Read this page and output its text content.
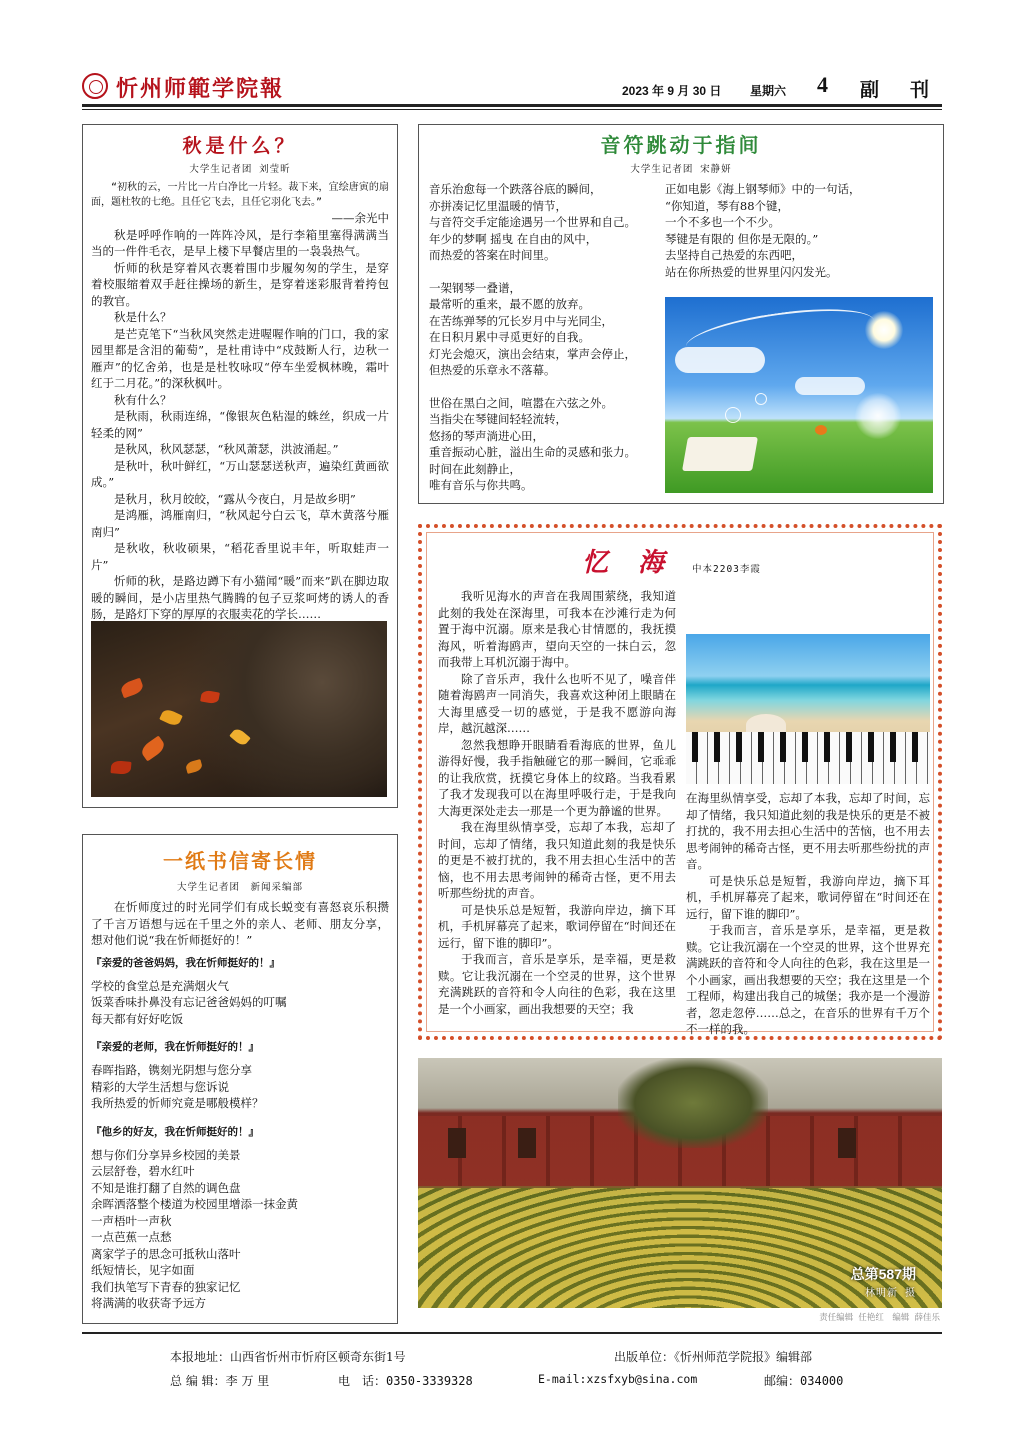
忻州师範学院報	2023 年 9 月 30 日 星期六 4 副　刊
秋是什么？
大学生记者团 刘莹昕

“初秋的云，一片比一片白净比一片轻。裁下来，宜绘唐寅的扇面，题杜牧的七绝。且任它飞去，且任它羽化飞去。”

——余光中

秋是呼呼作响的一阵阵冷风，是行李箱里塞得满满当当的一件件毛衣，是早上楼下早餐店里的一袅袅热气。

忻师的秋是穿着风衣裹着围巾步履匆匆的学生，是穿着校服缩着双手赶往操场的新生，是穿着迷彩服背着挎包的教官。

秋是什么？

是芒克笔下“当秋风突然走进喔喔作响的门口，我的家园里都是含泪的葡萄”，是杜甫诗中“戍鼓断人行，边秋一雁声”的忆舍弟，也是是杜牧咏叹“停车坐爱枫林晚，霜叶红于二月花。”的深秋枫叶。

秋有什么？

是秋雨，秋雨连绵，“像银灰色粘湿的蛛丝，织成一片轻柔的网”

是秋风，秋风瑟瑟，“秋风萧瑟，洪波涌起。”

是秋叶，秋叶鲜红，“万山瑟瑟送秋声，遍染红黄画欲成。”

是秋月，秋月皎皎，“露从今夜白，月是故乡明”

是鸿雁，鸿雁南归，“秋风起兮白云飞，草木黄落兮雁南归”

是秋收，秋收硕果，“稻花香里说丰年，听取蛙声一片”

忻师的秋，是路边蹲下有小猫闻“暖”而来”趴在脚边取暖的瞬间，是小店里热气腾腾的包子豆浆呵烤的诱人的香肠，是路灯下穿的厚厚的衣服卖花的学长……

音符跳动于指间
大学生记者团 宋静妍
音乐治愈每一个跌落谷底的瞬间，
亦拼凑记忆里温暖的情节，
与音符交手定能途遇另一个世界和自己。
年少的梦啊 摇曳 在自由的风中，
而热爱的答案在时间里。
一架钢琴一叠谱，
最常听的重来，最不愿的放弃。
在苦练弹琴的冗长岁月中与光同尘，
在日积月累中寻觅更好的自我。
灯光会熄灭，演出会结束，掌声会停止，
但热爱的乐章永不落幕。
世俗在黑白之间，喧嚣在六弦之外。
当指尖在琴键间轻轻流转，
悠扬的琴声淌进心田，
重音振动心脏，溢出生命的灵感和张力。
时间在此刻静止，
唯有音乐与你共鸣。
正如电影《海上钢琴师》中的一句话，
“你知道，琴有88个键，
一个不多也一个不少。
琴键是有限的 但你是无限的。”
去坚持自己热爱的东西吧，
站在你所热爱的世界里闪闪发光。
忆　海	中本2203李霞

我听见海水的声音在我周围萦绕，我知道此刻的我处在深海里，可我本在沙滩行走为何置于海中沉溺。原来是我心甘情愿的，我抚摸海风，听着海鸥声，望向天空的一抹白云，忽而我带上耳机沉溺于海中。

除了音乐声，我什么也听不见了，噪音伴随着海鸥声一同消失，我喜欢这种闭上眼睛在大海里感受一切的感觉，于是我不愿游向海岸，越沉越深……

忽然我想睁开眼睛看看海底的世界，鱼儿游得好慢，我手指触碰它的那一瞬间，它乖乖的让我欣赏，抚摸它身体上的纹路。当我看累了我才发现我可以在海里呼吸行走，于是我向大海更深处走去一那是一个更为静谧的世界。

我在海里纵情享受，忘却了本我，忘却了时间，忘却了情绪，我只知道此刻的我是快乐的更是不被打扰的，我不用去担心生活中的苦恼，也不用去思考闹钟的稀奇古怪，更不用去听那些纷扰的声音。

可是快乐总是短暂，我游向岸边，摘下耳机，手机屏幕亮了起来，歌词停留在“时间还在远行，留下谁的脚印”。

于我而言，音乐是享乐，是幸福，更是救赎。它让我沉溺在一个空灵的世界，这个世界充满跳跃的音符和令人向往的色彩，我在这里是一个小画家，画出我想要的天空；我

在海里纵情享受，忘却了本我，忘却了时间，忘却了情绪，我只知道此刻的我是快乐的更是不被打扰的，我不用去担心生活中的苦恼，也不用去思考闹钟的稀奇古怪，更不用去听那些纷扰的声音。

可是快乐总是短暂，我游向岸边，摘下耳机，手机屏幕亮了起来，歌词停留在“时间还在远行，留下谁的脚印”。

于我而言，音乐是享乐，是幸福，更是救赎。它让我沉溺在一个空灵的世界，这个世界充满跳跃的音符和令人向往的色彩，我在这里是一个小画家，画出我想要的天空；我在这里是一个工程师，构建出我自己的城堡；我亦是一个漫游者，忽走忽停……总之，在音乐的世界有千万个不一样的我。

一纸书信寄长情
大学生记者团　新闻采编部

在忻师度过的时光同学们有成长蜕变有喜怒哀乐积攒了千言万语想与远在千里之外的亲人、老师、朋友分享，想对他们说“我在忻师挺好的！”

『亲爱的爸爸妈妈，我在忻师挺好的！』

学校的食堂总是充满烟火气
饭菜香味扑鼻没有忘记爸爸妈妈的叮嘱
每天都有好好吃饭

『亲爱的老师，我在忻师挺好的！』

春晖指路，镌刻光阴想与您分享
精彩的大学生活想与您诉说
我所热爱的忻师究竟是哪般模样？

『他乡的好友，我在忻师挺好的！』

想与你们分享异乡校园的美景
云层舒卷，碧水红叶
不知是谁打翻了自然的调色盘
余晖洒落整个楼道为校园里增添一抹金黄
一声梧叶一声秋
一点芭蕉一点愁
离家学子的思念可抵秋山落叶
纸短情长，见字如面
我们执笔写下青春的独家记忆
将满满的收获寄予远方
总第587期
林明新 摄
责任编辑 任艳红　编辑 薛佳乐
本报地址：山西省忻州市忻府区顿奇东街1号	出版单位：《忻州师范学院报》编辑部
总 编 辑：李 万 里	电　话：0350-3339328	E-mail:xzsfxyb@sina.com	邮编：034000
